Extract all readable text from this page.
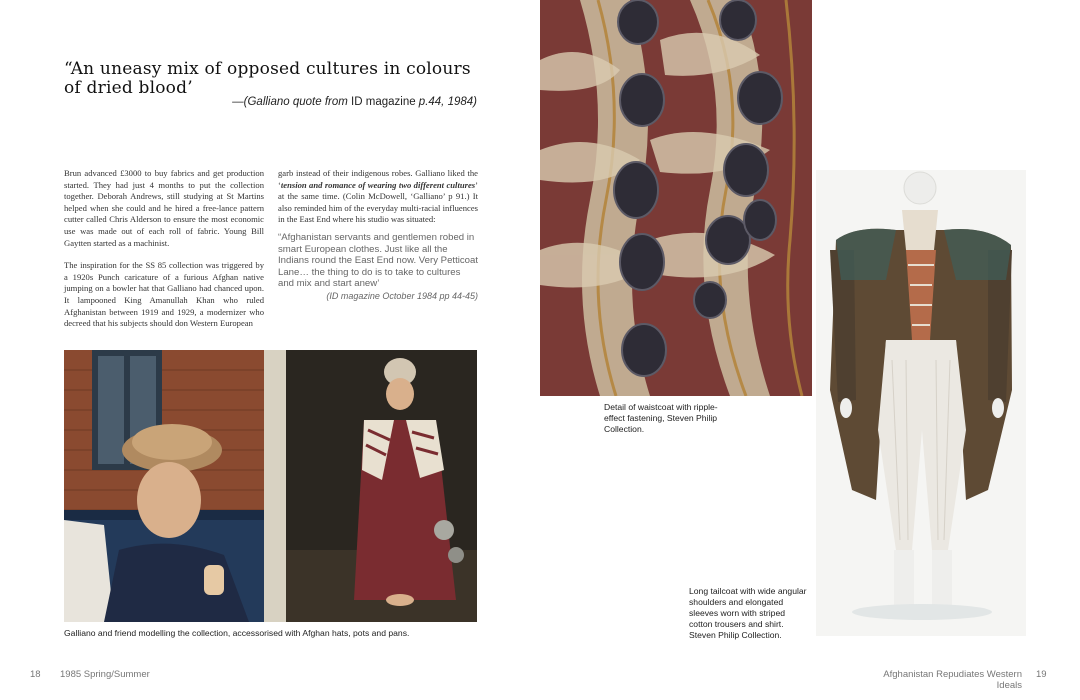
“An uneasy mix of opposed cultures in colours of dried blood’
—(Galliano quote from ID magazine p.44, 1984)

Brun advanced £3000 to buy fabrics and get production started. They had just 4 months to put the collection together. Deborah Andrews, still studying at St Martins helped when she could and he hired a free-lance pattern cutter called Chris Alderson to ensure the most economic use was made out of each roll of fabric. Young Bill Gaytten started as a machinist.

The inspiration for the SS 85 collection was triggered by a 1920s Punch caricature of a furious Afghan native jumping on a bowler hat that Galliano had chanced upon. It lampooned King Amanullah Khan who ruled Afghanistan between 1919 and 1929, a modernizer who decreed that his subjects should don Western European

garb instead of their indigenous robes. Galliano liked the ‘tension and romance of wearing two different cultures’ at the same time. (Colin McDowell, ‘Galliano’ p 91.) It also reminded him of the everyday multi-racial influences in the East End where his studio was situated:

“Afghanistan servants and gentlemen robed in smart European clothes. Just like all the Indians round the East End now. Very Petticoat Lane… the thing to do is to take to cultures and mix and start anew’
(ID magazine October 1984 pp 44-45)
Galliano and friend modelling the collection, accessorised with Afghan hats, pots and pans.
Detail of waistcoat with ripple-effect fastening, Steven Philip Collection.
Long tailcoat with wide angular shoulders and elongated sleeves worn with striped cotton trousers and shirt. Steven Philip Collection.
18 1985 Spring/Summer	Afghanistan Repudiates Western Ideals
19
